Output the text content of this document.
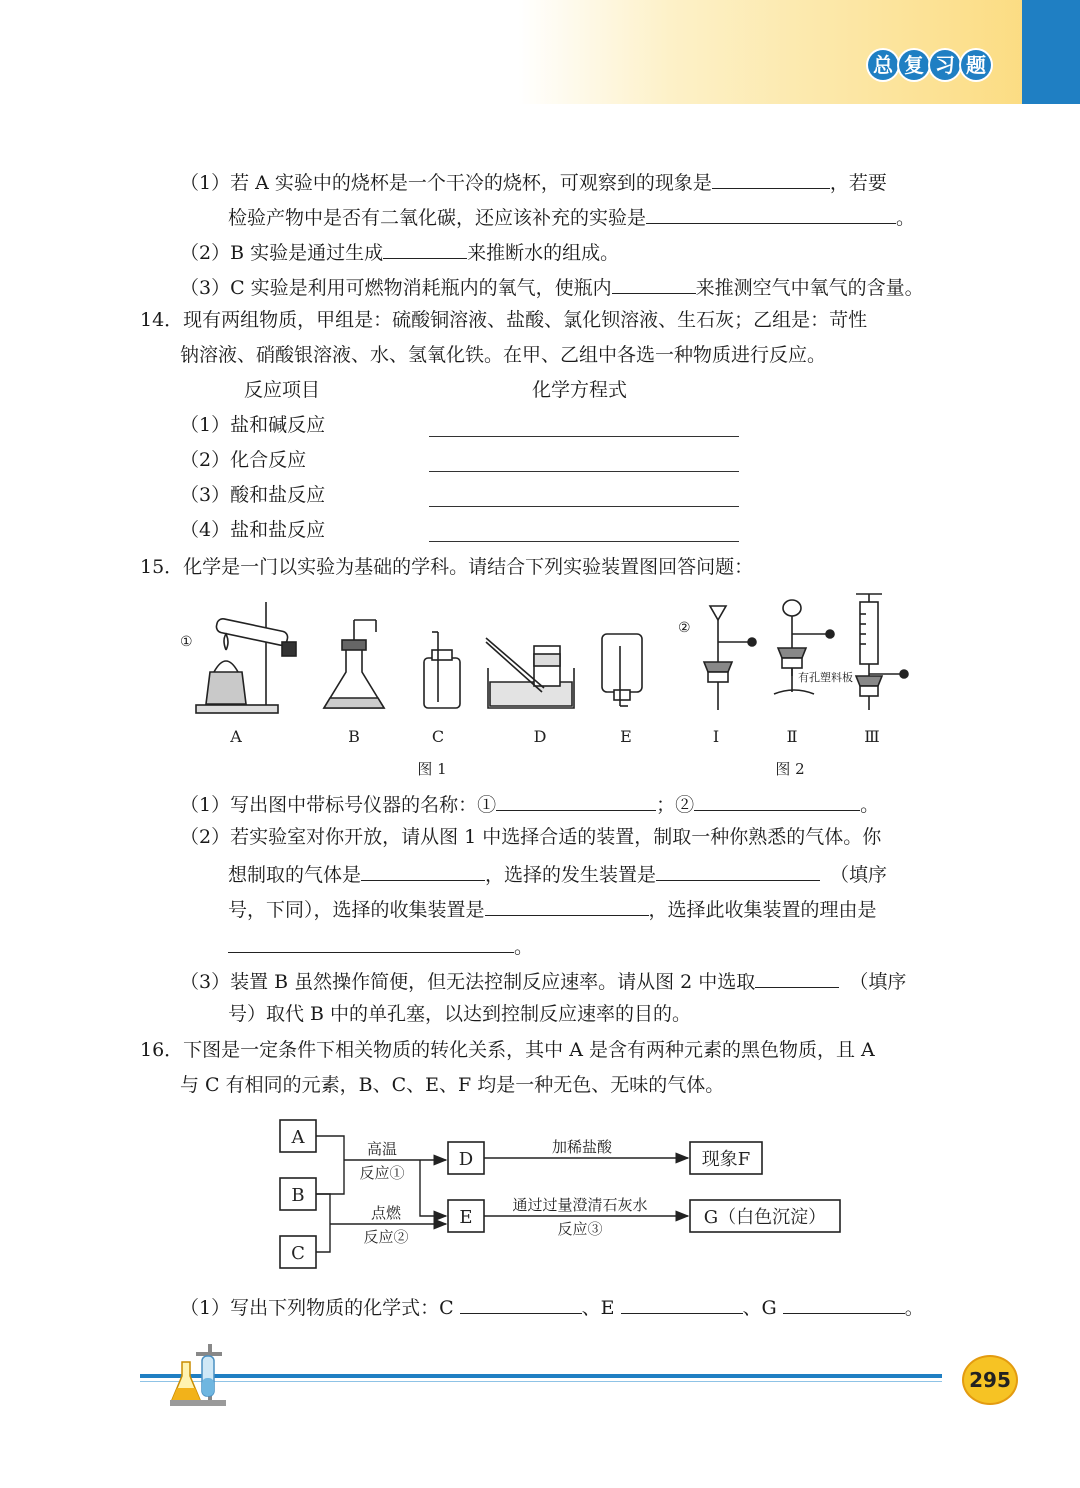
总 复 习 题
（1）若 A 实验中的烧杯是一个干冷的烧杯，可观察到的现象是	，若要
检验产物中是否有二氧化碳，还应该补充的实验是	。
（2）B 实验是通过生成	来推断水的组成。
（3）C 实验是利用可燃物消耗瓶内的氧气，使瓶内	来推测空气中氧气的含量。
14．现有两组物质，甲组是：硫酸铜溶液、盐酸、氯化钡溶液、生石灰；乙组是：苛性
钠溶液、硝酸银溶液、水、氢氧化铁。在甲、乙组中各选一种物质进行反应。
反应项目	化学方程式
（1）盐和碱反应
（2）化合反应
（3）酸和盐反应
（4）盐和盐反应
15．化学是一门以实验为基础的学科。请结合下列实验装置图回答问题：
①
②
有孔塑料板
A	B	C	D	E	Ⅰ	Ⅱ	Ⅲ
图 1	图 2
（1）写出图中带标号仪器的名称：①	；②	。
（2）若实验室对你开放，请从图 1 中选择合适的装置，制取一种你熟悉的气体。你
想制取的气体是	，选择的发生装置是	（填序
号，下同），选择的收集装置是	，选择此收集装置的理由是
。
（3）装置 B 虽然操作简便，但无法控制反应速率。请从图 2 中选取	（填序
号）取代 B 中的单孔塞，以达到控制反应速率的目的。
16．下图是一定条件下相关物质的转化关系，其中 A 是含有两种元素的黑色物质，且 A
与 C 有相同的元素，B、C、E、F 均是一种无色、无味的气体。
A
B
C
D
E
现象F
G（白色沉淀）
高温
反应①
点燃
反应②
加稀盐酸
通过过量澄清石灰水
反应③
（1）写出下列物质的化学式：C	、E	、G	。
295
